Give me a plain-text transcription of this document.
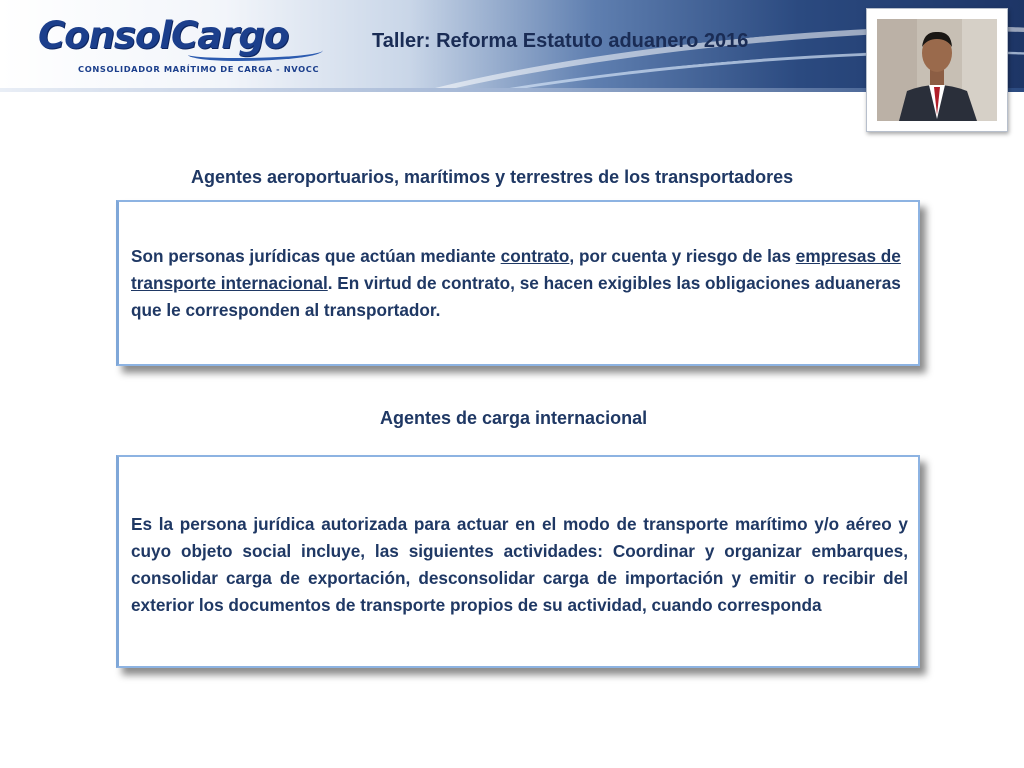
ConsolCargo
CONSOLIDADOR MARÍTIMO DE CARGA - NVOCC
Taller: Reforma Estatuto aduanero 2016
Agentes aeroportuarios, marítimos y terrestres de los transportadores
Son personas jurídicas que actúan mediante contrato, por cuenta y riesgo de las empresas de transporte internacional. En virtud de contrato, se hacen exigibles las obligaciones aduaneras que le corresponden al transportador.
Agentes de carga internacional
Es la persona jurídica autorizada para actuar en el modo de transporte marítimo y/o aéreo y cuyo objeto social incluye, las siguientes actividades: Coordinar y organizar embarques, consolidar carga de exportación, desconsolidar carga de importación y emitir o recibir del exterior los documentos de transporte propios de su actividad, cuando corresponda
